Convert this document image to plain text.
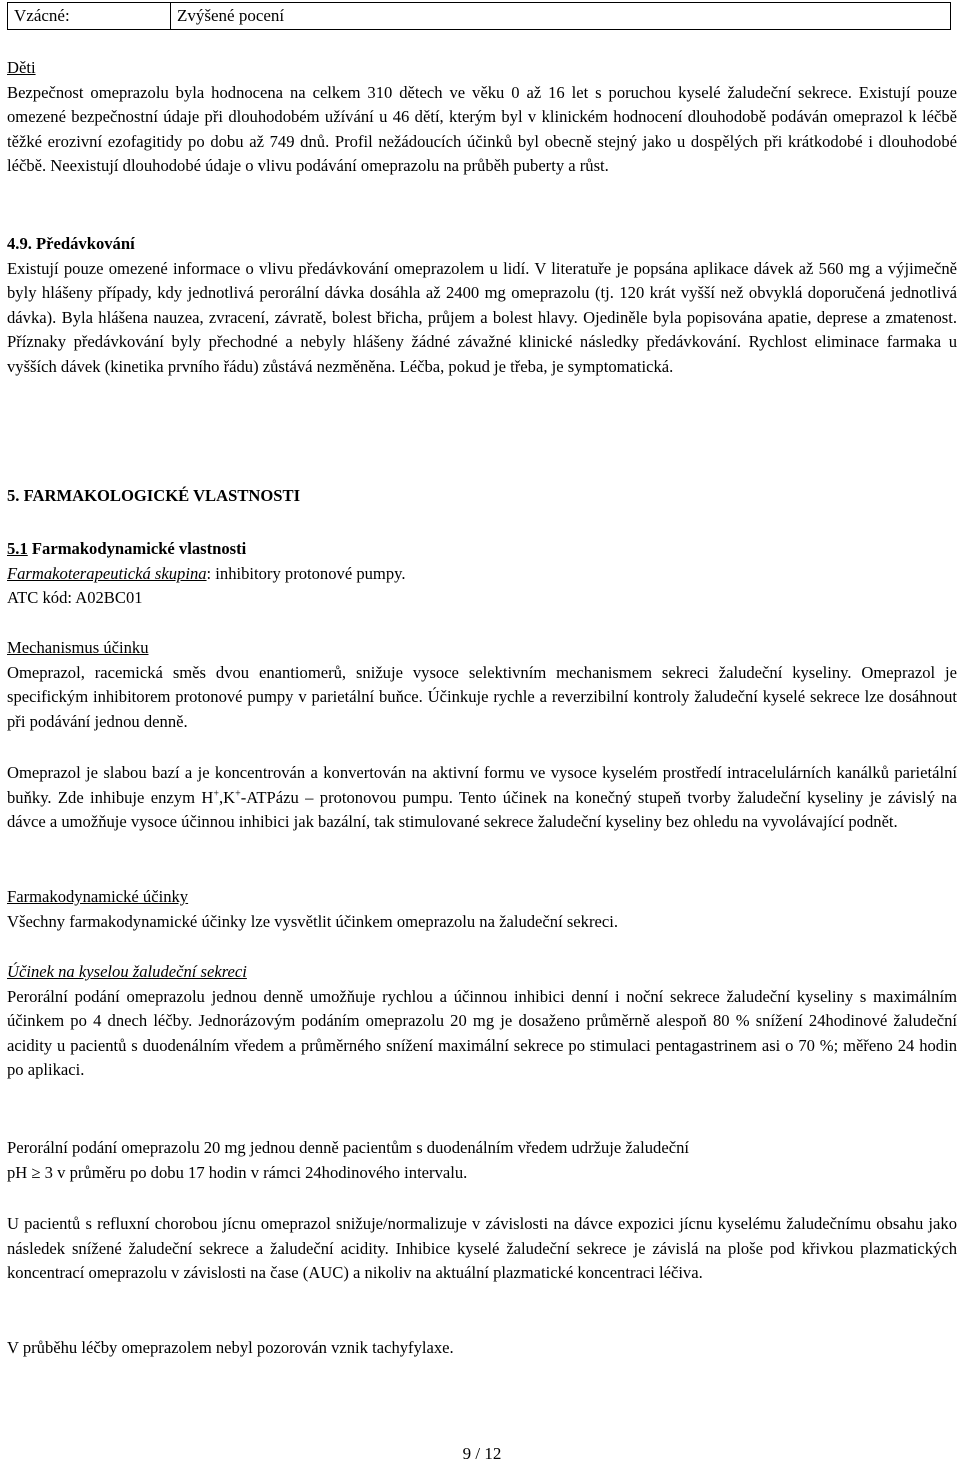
Vzácné:	Zvýšené pocení

Děti

Bezpečnost omeprazolu byla hodnocena na celkem 310 dětech ve věku 0 až 16 let s poruchou kyselé žaludeční sekrece. Existují pouze omezené bezpečnostní údaje při dlouhodobém užívání u 46 dětí, kterým byl v klinickém hodnocení dlouhodobě podáván omeprazol k léčbě těžké erozivní ezofagitidy po dobu až 749 dnů. Profil nežádoucích účinků byl obecně stejný jako u dospělých při krátkodobé i dlouhodobé léčbě. Neexistují dlouhodobé údaje o vlivu podávání omeprazolu na průběh puberty a růst.

4.9. Předávkování

Existují pouze omezené informace o vlivu předávkování omeprazolem u lidí. V literatuře je popsána aplikace dávek až 560 mg a výjimečně byly hlášeny případy, kdy jednotlivá perorální dávka dosáhla až 2400 mg omeprazolu (tj. 120 krát vyšší než obvyklá doporučená jednotlivá dávka). Byla hlášena nauzea, zvracení, závratě, bolest břicha, průjem a bolest hlavy. Ojediněle byla popisována apatie, deprese a zmatenost. Příznaky předávkování byly přechodné a nebyly hlášeny žádné závažné klinické následky předávkování. Rychlost eliminace farmaka u vyšších dávek (kinetika prvního řádu) zůstává nezměněna. Léčba, pokud je třeba, je symptomatická.

5. FARMAKOLOGICKÉ VLASTNOSTI

5.1 Farmakodynamické vlastnosti

Farmakoterapeutická skupina: inhibitory protonové pumpy.

ATC kód: A02BC01

Mechanismus účinku

Omeprazol, racemická směs dvou enantiomerů, snižuje vysoce selektivním mechanismem sekreci žaludeční kyseliny. Omeprazol je specifickým inhibitorem protonové pumpy v parietální buňce. Účinkuje rychle a reverzibilní kontroly žaludeční kyselé sekrece lze dosáhnout při podávání jednou denně.

Omeprazol je slabou bazí a je koncentrován a konvertován na aktivní formu ve vysoce kyselém prostředí intracelulárních kanálků parietální buňky. Zde inhibuje enzym H+,K+-ATPázu – protonovou pumpu. Tento účinek na konečný stupeň tvorby žaludeční kyseliny je závislý na dávce a umožňuje vysoce účinnou inhibici jak bazální, tak stimulované sekrece žaludeční kyseliny bez ohledu na vyvolávající podnět.

Farmakodynamické účinky

Všechny farmakodynamické účinky lze vysvětlit účinkem omeprazolu na žaludeční sekreci.

Účinek na kyselou žaludeční sekreci

Perorální podání omeprazolu jednou denně umožňuje rychlou a účinnou inhibici denní i noční sekrece žaludeční kyseliny s maximálním účinkem po 4 dnech léčby. Jednorázovým podáním omeprazolu 20 mg je dosaženo průměrně alespoň 80 % snížení 24hodinové žaludeční acidity u pacientů s duodenálním vředem a průměrného snížení maximální sekrece po stimulaci pentagastrinem asi o 70 %; měřeno 24 hodin po aplikaci.

Perorální podání omeprazolu 20 mg jednou denně pacientům s duodenálním vředem udržuje žaludeční

pH ≥ 3 v průměru po dobu 17 hodin v rámci 24hodinového intervalu.

U pacientů s refluxní chorobou jícnu omeprazol snižuje/normalizuje v závislosti na dávce expozici jícnu kyselému žaludečnímu obsahu jako následek snížené žaludeční sekrece a žaludeční acidity. Inhibice kyselé žaludeční sekrece je závislá na ploše pod křivkou plazmatických koncentrací omeprazolu v závislosti na čase (AUC) a nikoliv na aktuální plazmatické koncentraci léčiva.

V průběhu léčby omeprazolem nebyl pozorován vznik tachyfylaxe.

9 / 12
